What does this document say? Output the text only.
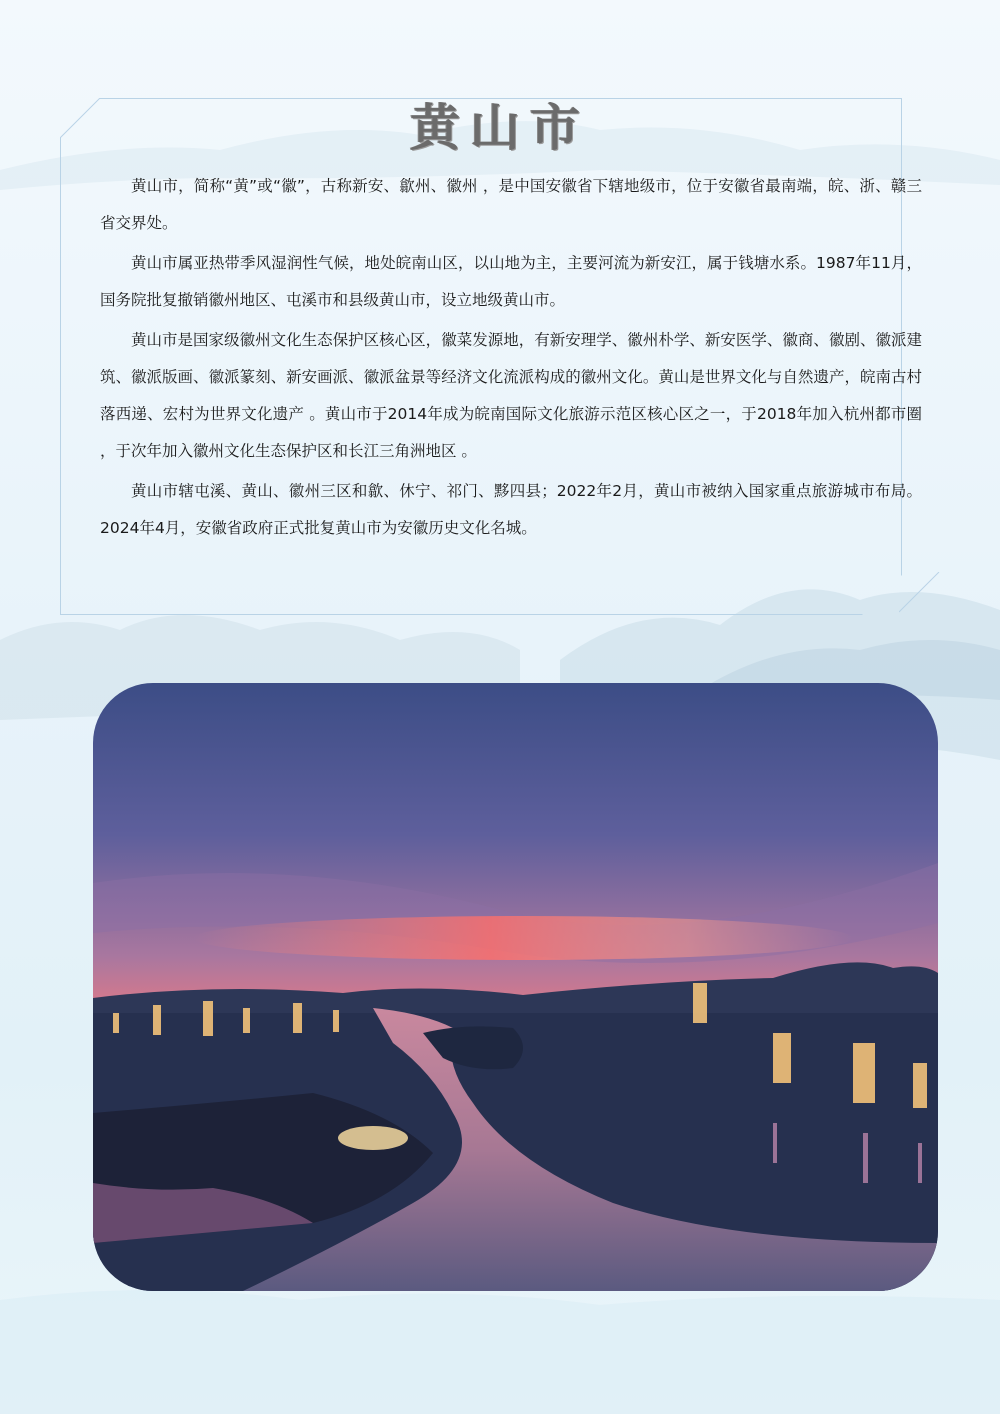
黄山市

黄山市，简称“黄”或“徽”，古称新安、歙州、徽州 ，是中国安徽省下辖地级市，位于安徽省最南端，皖、浙、赣三省交界处。

黄山市属亚热带季风湿润性气候，地处皖南山区，以山地为主，主要河流为新安江，属于钱塘水系。1987年11月，国务院批复撤销徽州地区、屯溪市和县级黄山市，设立地级黄山市。

黄山市是国家级徽州文化生态保护区核心区，徽菜发源地，有新安理学、徽州朴学、新安医学、徽商、徽剧、徽派建筑、徽派版画、徽派篆刻、新安画派、徽派盆景等经济文化流派构成的徽州文化。黄山是世界文化与自然遗产，皖南古村落西递、宏村为世界文化遗产 。黄山市于2014年成为皖南国际文化旅游示范区核心区之一，于2018年加入杭州都市圈 ，于次年加入徽州文化生态保护区和长江三角洲地区 。

黄山市辖屯溪、黄山、徽州三区和歙、休宁、祁门、黟四县；2022年2月，黄山市被纳入国家重点旅游城市布局。2024年4月，安徽省政府正式批复黄山市为安徽历史文化名城。
